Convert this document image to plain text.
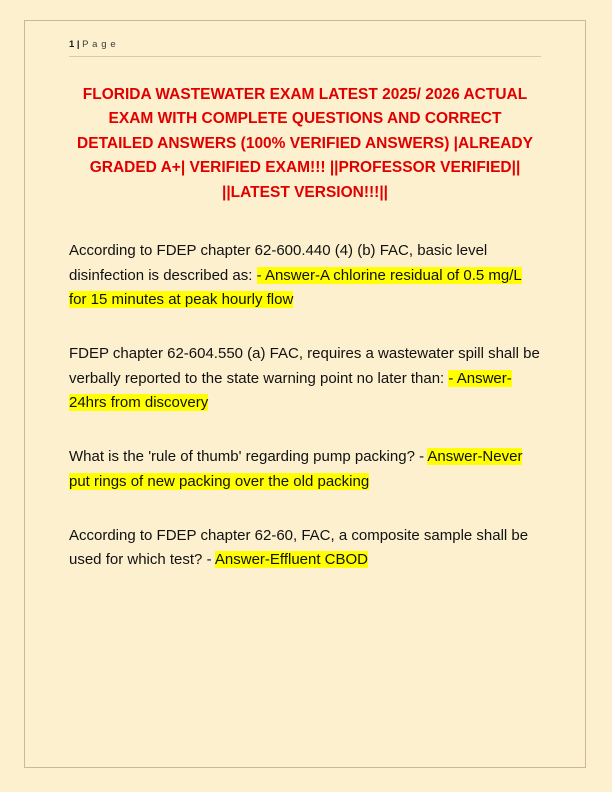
1 | P a g e
FLORIDA WASTEWATER EXAM LATEST 2025/ 2026 ACTUAL EXAM WITH COMPLETE QUESTIONS AND CORRECT DETAILED ANSWERS (100% VERIFIED ANSWERS) |ALREADY GRADED A+| VERIFIED EXAM!!! ||PROFESSOR VERIFIED|| ||LATEST VERSION!!!||
According to FDEP chapter 62-600.440 (4) (b) FAC, basic level disinfection is described as: - Answer-A chlorine residual of 0.5 mg/L for 15 minutes at peak hourly flow
FDEP chapter 62-604.550 (a) FAC, requires a wastewater spill shall be verbally reported to the state warning point no later than: - Answer-24hrs from discovery
What is the 'rule of thumb' regarding pump packing? - Answer-Never put rings of new packing over the old packing
According to FDEP chapter 62-60, FAC, a composite sample shall be used for which test? - Answer-Effluent CBOD
